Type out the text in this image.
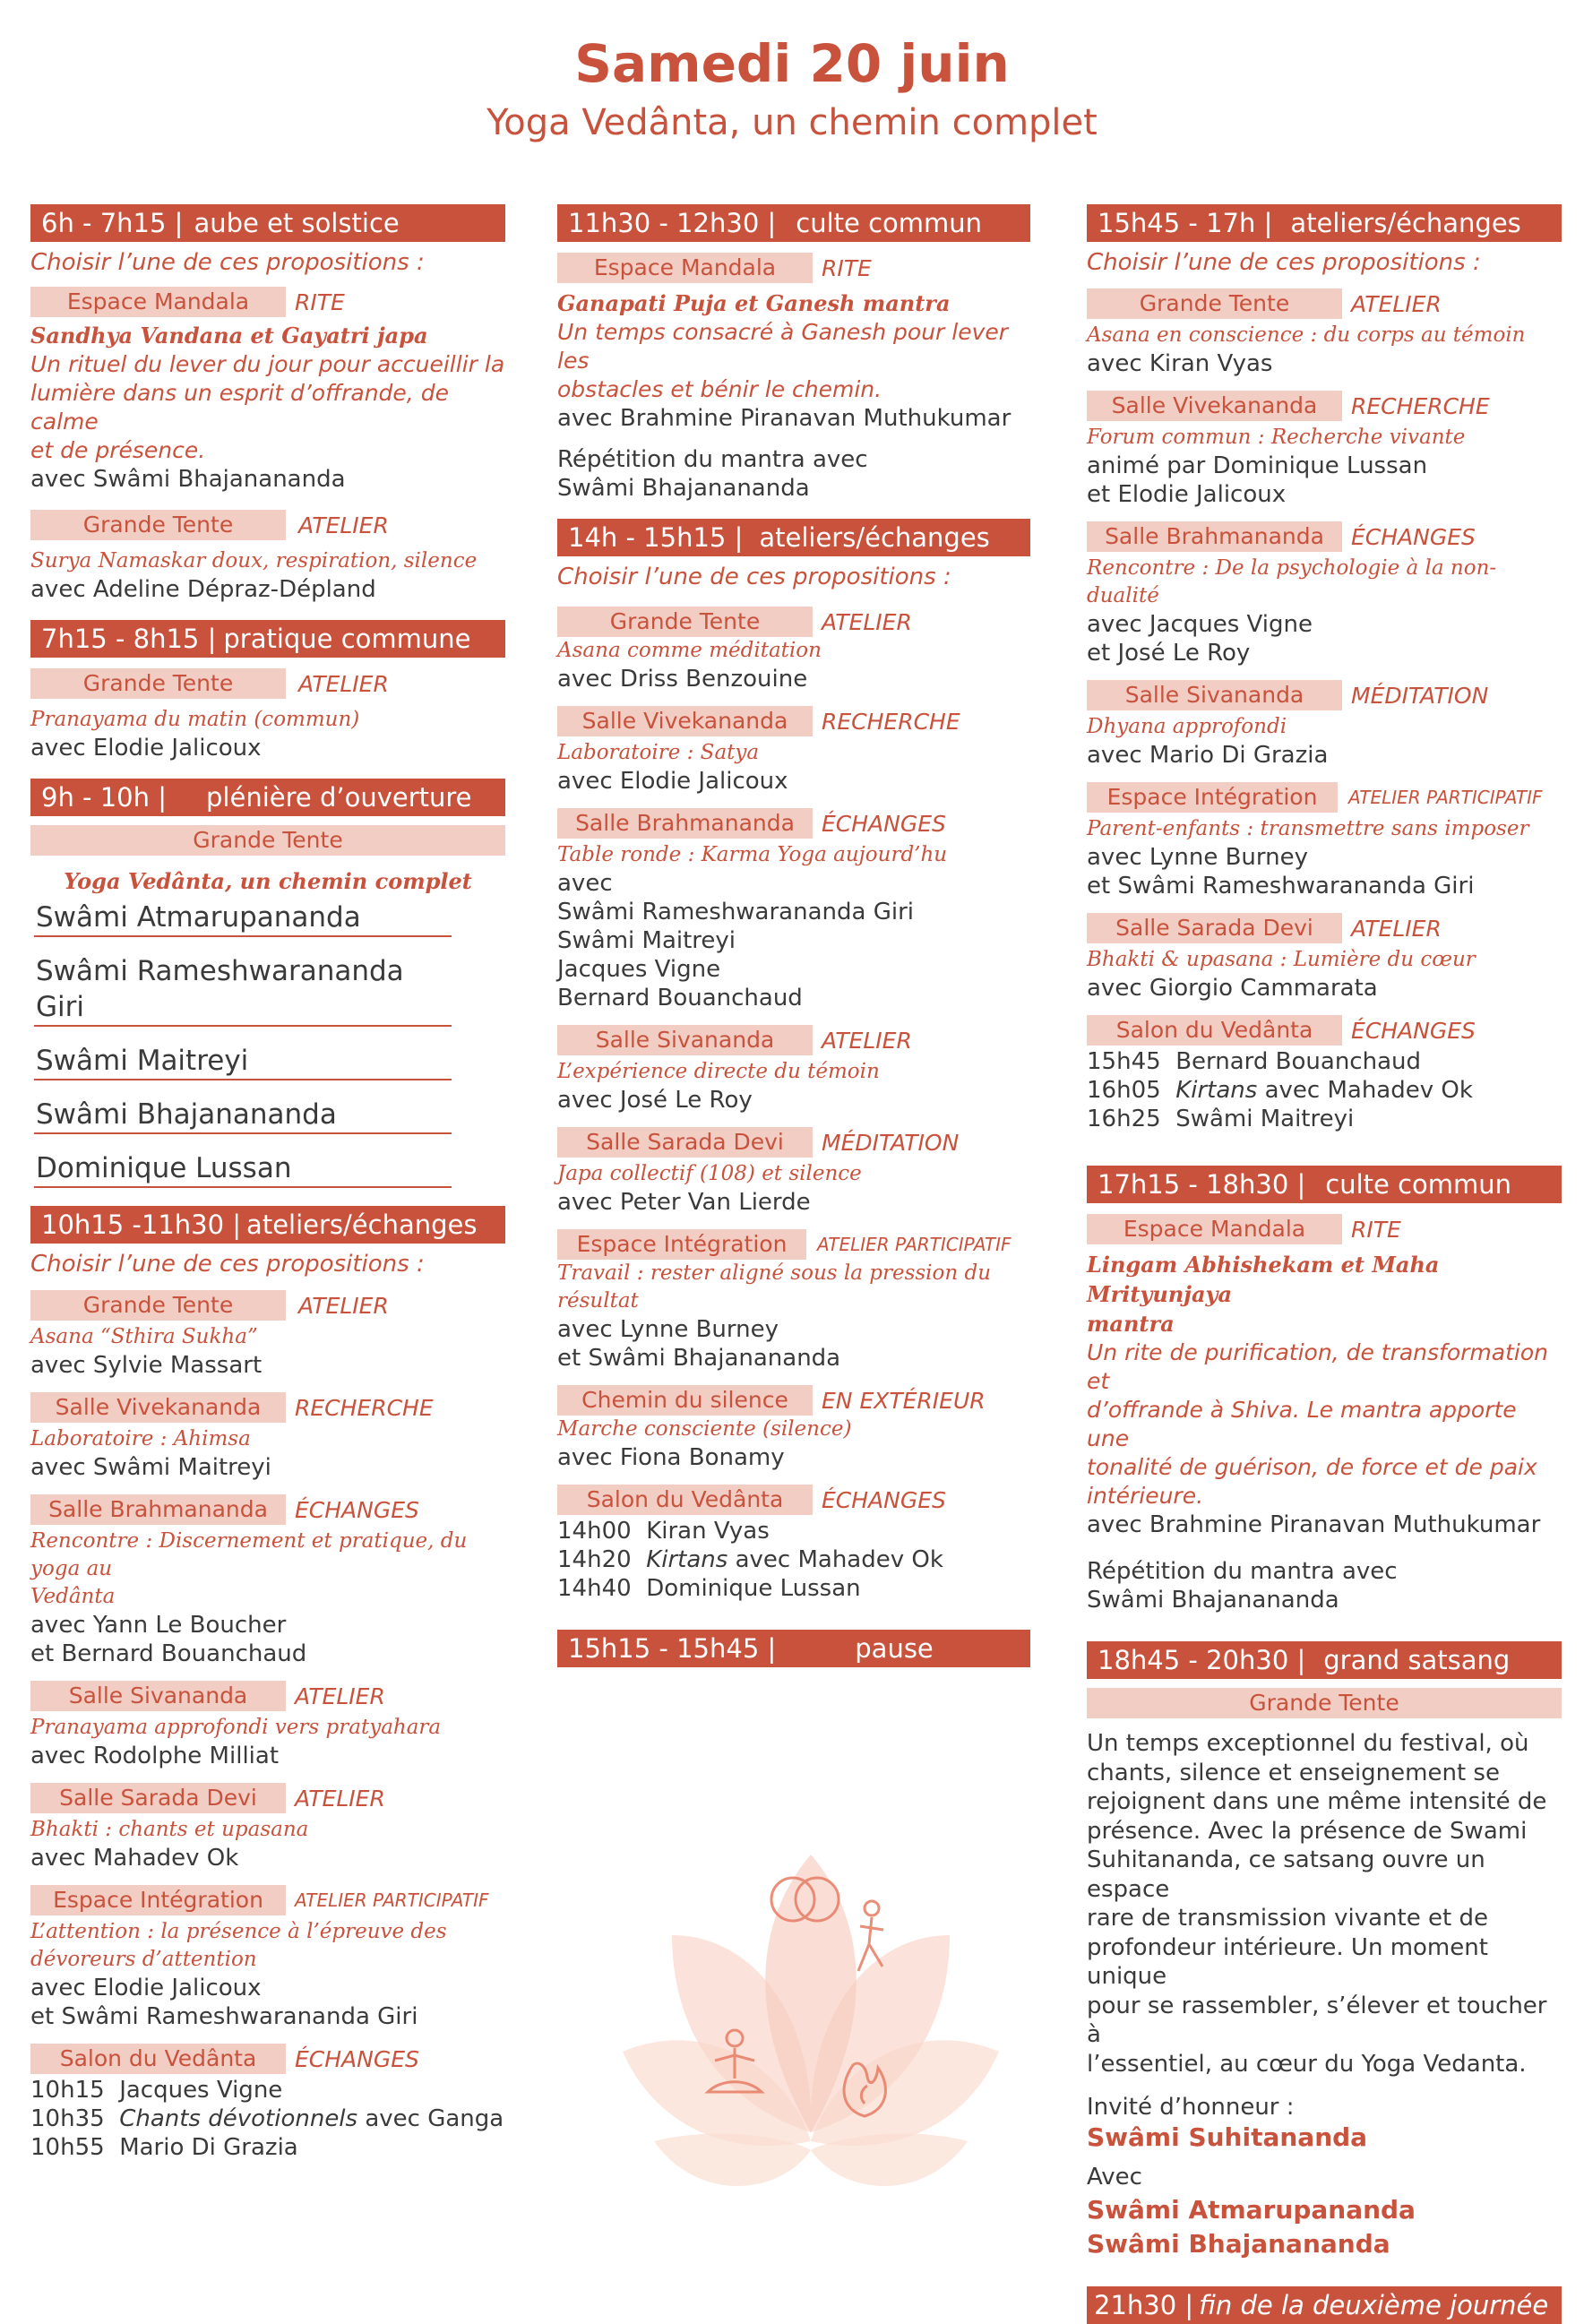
Samedi 20 juin
Yoga Vedânta, un chemin complet
6h - 7h15 | aube et solstice
Choisir l’une de ces propositions :
Espace Mandala	RITE
Sandhya Vandana et Gayatri japa
Un rituel du lever du jour pour accueillir la
lumière dans un esprit d’offrande, de calme
et de présence.
avec Swâmi Bhajanananda
Grande Tente	ATELIER
Surya Namaskar doux, respiration, silence
avec Adeline Dépraz-Dépland
7h15 - 8h15 | pratique commune
Grande Tente	ATELIER
Pranayama du matin (commun)
avec Elodie Jalicoux
9h - 10h | plénière d’ouverture
Grande Tente
Yoga Vedânta, un chemin complet
Swâmi Atmarupananda
Swâmi Rameshwarananda Giri
Swâmi Maitreyi
Swâmi Bhajanananda
Dominique Lussan
10h15 -11h30 | ateliers/échanges
Choisir l’une de ces propositions :
Grande Tente	ATELIER
Asana “Sthira Sukha”
avec Sylvie Massart
Salle Vivekananda	RECHERCHE
Laboratoire : Ahimsa
avec Swâmi Maitreyi
Salle Brahmananda	ÉCHANGES
Rencontre : Discernement et pratique, du yoga au
Vedânta
avec Yann Le Boucher
et Bernard Bouanchaud
Salle Sivananda	ATELIER
Pranayama approfondi vers pratyahara
avec Rodolphe Milliat
Salle Sarada Devi	ATELIER
Bhakti : chants et upasana
avec Mahadev Ok
Espace Intégration	ATELIER PARTICIPATIF
L’attention : la présence à l’épreuve des
dévoreurs d’attention
avec Elodie Jalicoux
et Swâmi Rameshwarananda Giri
Salon du Vedânta	ÉCHANGES
10h15 Jacques Vigne
10h35 Chants dévotionnels avec Ganga
10h55 Mario Di Grazia
11h30 - 12h30 | culte commun
Espace Mandala	RITE
Ganapati Puja et Ganesh mantra
Un temps consacré à Ganesh pour lever les
obstacles et bénir le chemin.
avec Brahmine Piranavan Muthukumar
Répétition du mantra avec
Swâmi Bhajanananda
14h - 15h15 | ateliers/échanges
Choisir l’une de ces propositions :
Grande Tente	ATELIER
Asana comme méditation
avec Driss Benzouine
Salle Vivekananda	RECHERCHE
Laboratoire : Satya
avec Elodie Jalicoux
Salle Brahmananda	ÉCHANGES
Table ronde : Karma Yoga aujourd’hu
avec
Swâmi Rameshwarananda Giri
Swâmi Maitreyi
Jacques Vigne
Bernard Bouanchaud
Salle Sivananda	ATELIER
L’expérience directe du témoin
avec José Le Roy
Salle Sarada Devi	MÉDITATION
Japa collectif (108) et silence
avec Peter Van Lierde
Espace Intégration	ATELIER PARTICIPATIF
Travail : rester aligné sous la pression du résultat
avec Lynne Burney
et Swâmi Bhajanananda
Chemin du silence	EN EXTÉRIEUR
Marche consciente (silence)
avec Fiona Bonamy
Salon du Vedânta	ÉCHANGES
14h00 Kiran Vyas
14h20 Kirtans avec Mahadev Ok
14h40 Dominique Lussan
15h15 - 15h45 |	pause
15h45 - 17h | ateliers/échanges
Choisir l’une de ces propositions :
Grande Tente	ATELIER
Asana en conscience : du corps au témoin
avec Kiran Vyas
Salle Vivekananda	RECHERCHE
Forum commun : Recherche vivante
animé par Dominique Lussan
et Elodie Jalicoux
Salle Brahmananda	ÉCHANGES
Rencontre : De la psychologie à la non-dualité
avec Jacques Vigne
et José Le Roy
Salle Sivananda	MÉDITATION
Dhyana approfondi
avec Mario Di Grazia
Espace Intégration	ATELIER PARTICIPATIF
Parent-enfants : transmettre sans imposer
avec Lynne Burney
et Swâmi Rameshwarananda Giri
Salle Sarada Devi	ATELIER
Bhakti & upasana : Lumière du cœur
avec Giorgio Cammarata
Salon du Vedânta	ÉCHANGES
15h45 Bernard Bouanchaud
16h05 Kirtans avec Mahadev Ok
16h25 Swâmi Maitreyi
17h15 - 18h30 | culte commun
Espace Mandala	RITE
Lingam Abhishekam et Maha Mrityunjaya
mantra
Un rite de purification, de transformation et
d’offrande à Shiva. Le mantra apporte une
tonalité de guérison, de force et de paix
intérieure.
avec Brahmine Piranavan Muthukumar
Répétition du mantra avec
Swâmi Bhajanananda
18h45 - 20h30 | grand satsang
Grande Tente
Un temps exceptionnel du festival, où
chants, silence et enseignement se
rejoignent dans une même intensité de
présence. Avec la présence de Swami
Suhitananda, ce satsang ouvre un espace
rare de transmission vivante et de
profondeur intérieure. Un moment unique
pour se rassembler, s’élever et toucher à
l’essentiel, au cœur du Yoga Vedanta.
Invité d’honneur :
Swâmi Suhitananda
Avec
Swâmi Atmarupananda
Swâmi Bhajanananda
21h30 | fin de la deuxième journée
